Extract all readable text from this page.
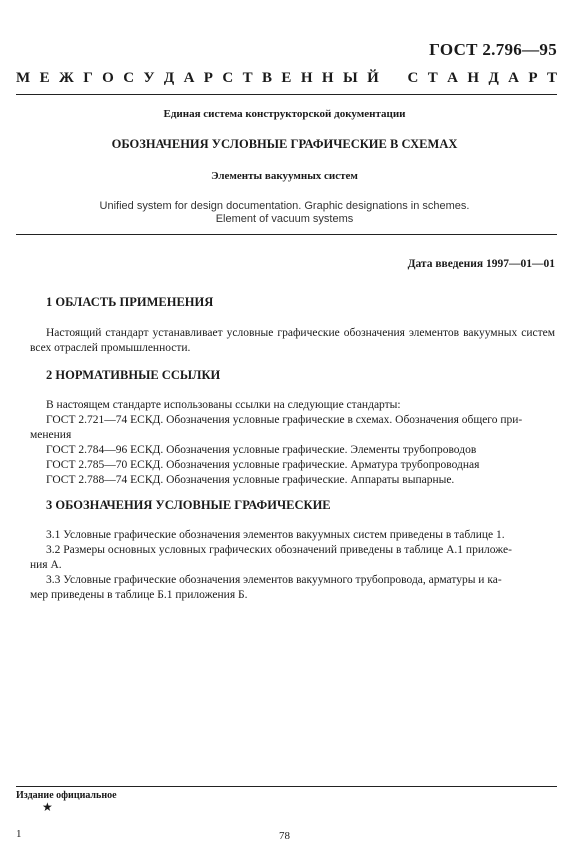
ГОСТ 2.796—95
М Е Ж Г О С У Д А Р С Т В Е Н Н Ы Й С Т А Н Д А Р Т
Единая система конструкторской документации
ОБОЗНАЧЕНИЯ УСЛОВНЫЕ ГРАФИЧЕСКИЕ В СХЕМАХ
Элементы вакуумных систем
Unified system for design documentation. Graphic designations in schemes.
Element of vacuum systems
Дата введения 1997—01—01
1 ОБЛАСТЬ ПРИМЕНЕНИЯ
Настоящий стандарт устанавливает условные графические обозначения элементов вакуумных систем всех отраслей промышленности.
2 НОРМАТИВНЫЕ ССЫЛКИ
В настоящем стандарте использованы ссылки на следующие стандарты:
ГОСТ 2.721—74 ЕСКД. Обозначения условные графические в схемах. Обозначения общего при-
менения
ГОСТ 2.784—96 ЕСКД. Обозначения условные графические. Элементы трубопроводов
ГОСТ 2.785—70 ЕСКД. Обозначения условные графические. Арматура трубопроводная
ГОСТ 2.788—74 ЕСКД. Обозначения условные графические. Аппараты выпарные.
3 ОБОЗНАЧЕНИЯ УСЛОВНЫЕ ГРАФИЧЕСКИЕ
3.1 Условные графические обозначения элементов вакуумных систем приведены в таблице 1.
3.2 Размеры основных условных графических обозначений приведены в таблице А.1 приложе-
ния А.
3.3 Условные графические обозначения элементов вакуумного трубопровода, арматуры и ка-
мер приведены в таблице Б.1 приложения Б.
Издание официальное
★
1	78
